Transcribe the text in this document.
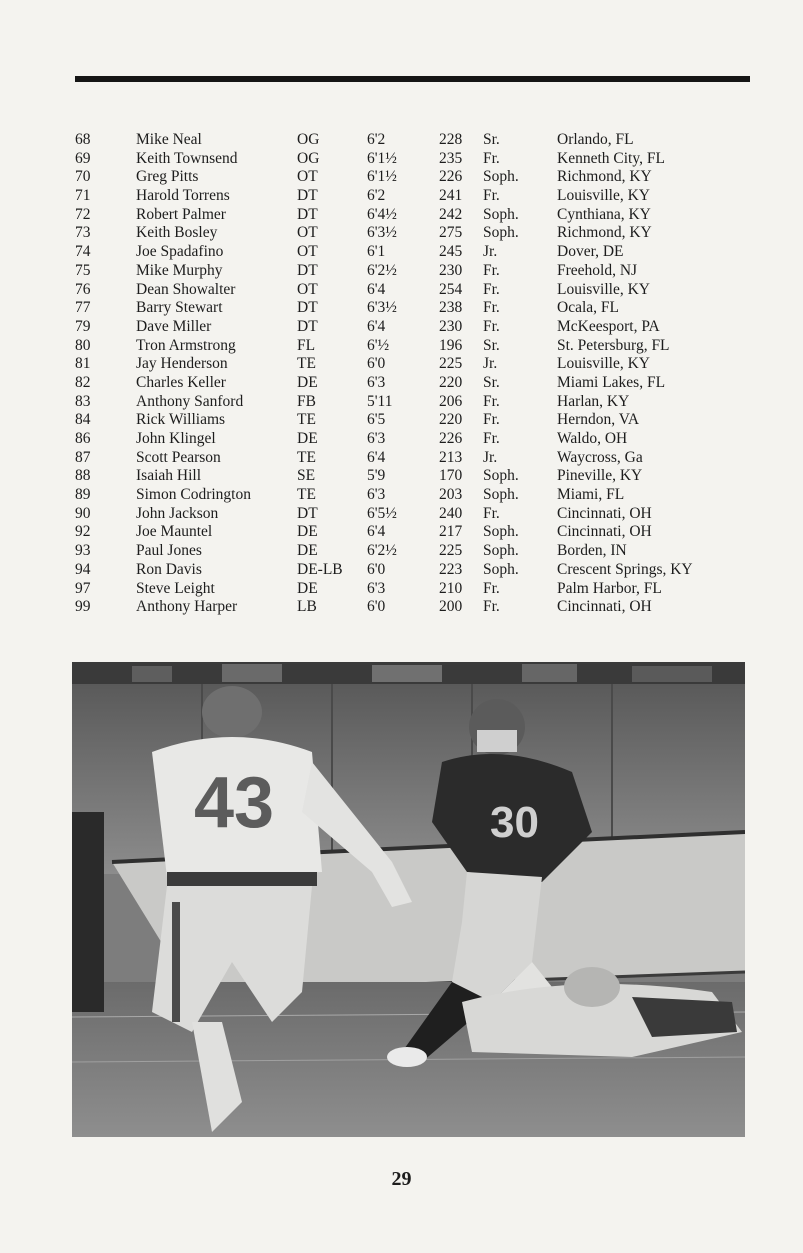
68	Mike Neal	OG	6'2	228 Sr.	Orlando, FL
69	Keith Townsend	OG	6'1½	235 Fr.	Kenneth City, FL
70	Greg Pitts	OT	6'1½	226 Soph. Richmond, KY
71	Harold Torrens	DT	6'2	241 Fr.	Louisville, KY
72	Robert Palmer	DT	6'4½	242 Soph. Cynthiana, KY
73	Keith Bosley	OT	6'3½	275 Soph. Richmond, KY
74	Joe Spadafino	OT	6'1	245 Jr.	Dover, DE
75	Mike Murphy	DT	6'2½	230 Fr.	Freehold, NJ
76	Dean Showalter	OT	6'4	254 Fr.	Louisville, KY
77	Barry Stewart	DT	6'3½	238 Fr.	Ocala, FL
79	Dave Miller	DT	6'4	230 Fr.	McKeesport, PA
80	Tron Armstrong	FL	6'½	196 Sr.	St. Petersburg, FL
81	Jay Henderson	TE	6'0	225 Jr.	Louisville, KY
82	Charles Keller	DE	6'3	220 Sr.	Miami Lakes, FL
83	Anthony Sanford	FB	5'11	206 Fr.	Harlan, KY
84	Rick Williams	TE	6'5	220 Fr.	Herndon, VA
86	John Klingel	DE	6'3	226 Fr.	Waldo, OH
87	Scott Pearson	TE	6'4	213 Jr.	Waycross, Ga
88	Isaiah Hill	SE	5'9	170 Soph. Pineville, KY
89	Simon Codrington	TE	6'3	203 Soph. Miami, FL
90	John Jackson	DT	6'5½	240 Fr.	Cincinnati, OH
92	Joe Mauntel	DE	6'4	217 Soph. Cincinnati, OH
93	Paul Jones	DE	6'2½	225 Soph. Borden, IN
94	Ron Davis	DE-LB 6'0	223 Soph. Crescent Springs, KY
97	Steve Leight	DE	6'3	210 Fr.	Palm Harbor, FL
99	Anthony Harper	LB	6'0	200 Fr.	Cincinnati, OH
43	30
29
